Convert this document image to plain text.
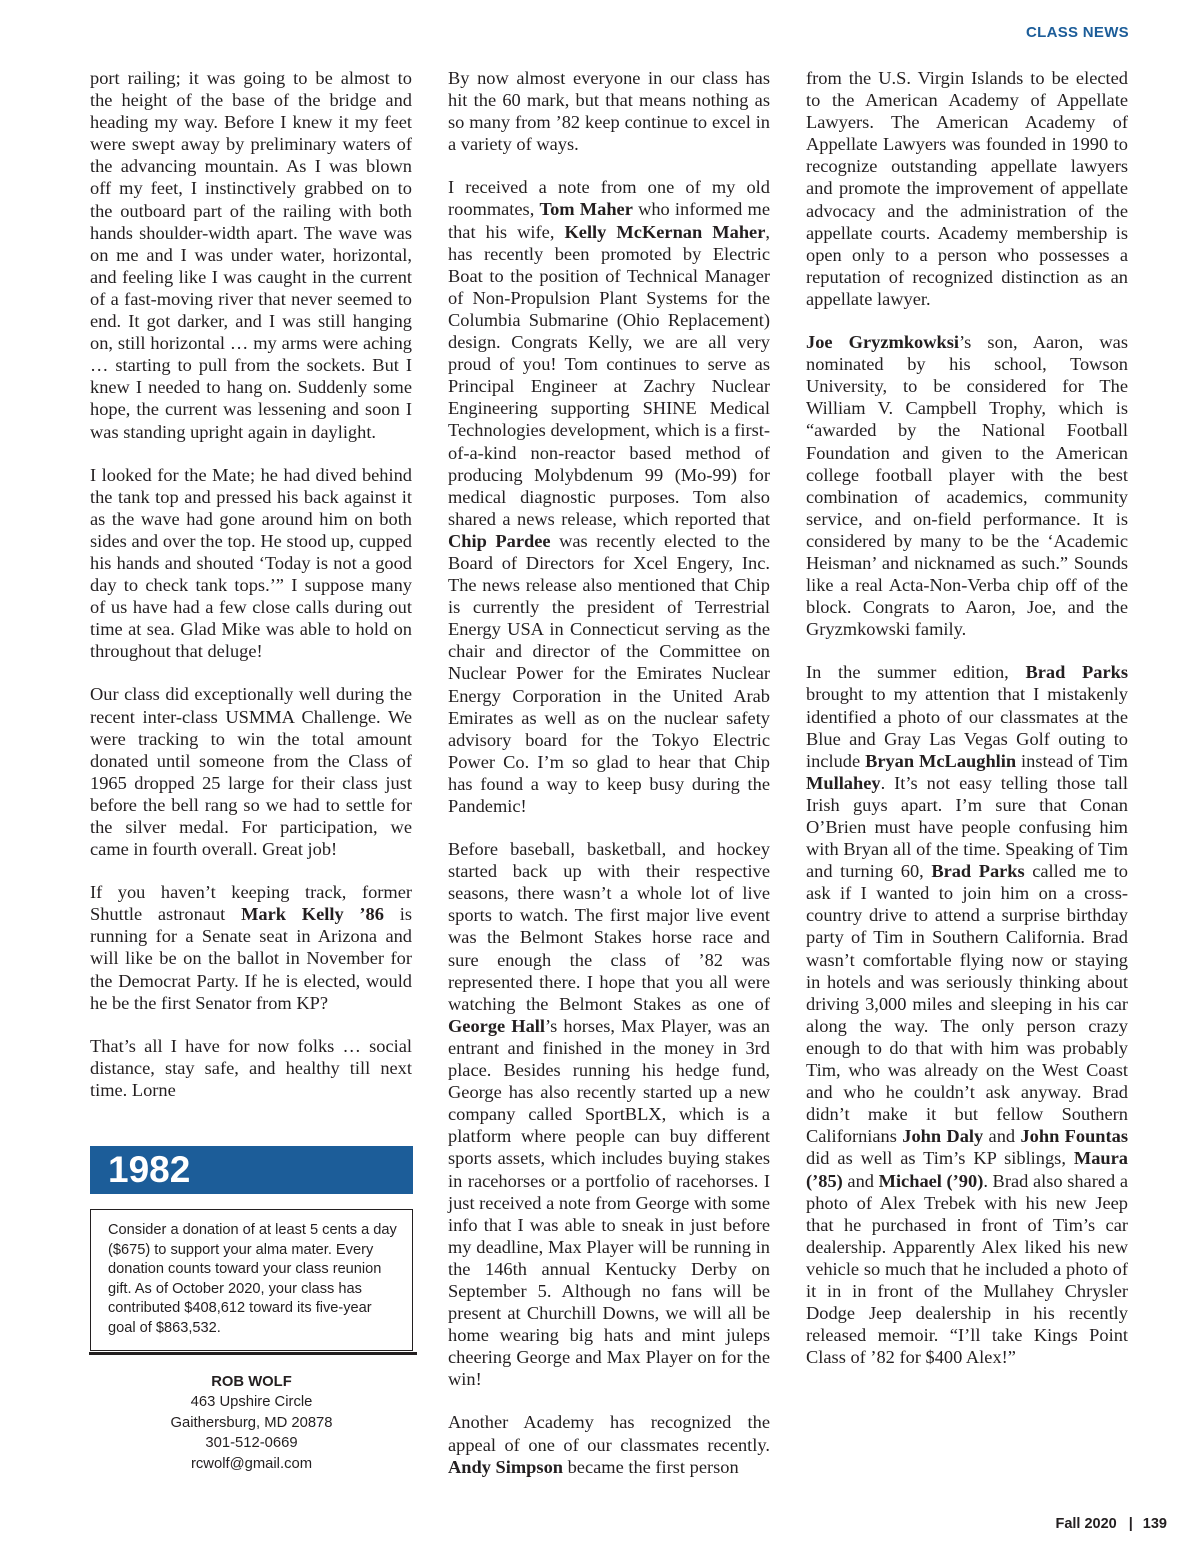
CLASS NEWS

port railing; it was going to be almost to the height of the base of the bridge and heading my way. Before I knew it my feet were swept away by preliminary waters of the advancing mountain. As I was blown off my feet, I instinctively grabbed on to the outboard part of the railing with both hands shoulder-width apart. The wave was on me and I was under water, horizontal, and feeling like I was caught in the current of a fast-moving river that never seemed to end. It got darker, and I was still hanging on, still horizontal … my arms were aching … starting to pull from the sockets. But I knew I needed to hang on. Suddenly some hope, the current was lessening and soon I was standing upright again in daylight.

I looked for the Mate; he had dived behind the tank top and pressed his back against it as the wave had gone around him on both sides and over the top. He stood up, cupped his hands and shouted ‘Today is not a good day to check tank tops.’” I suppose many of us have had a few close calls during out time at sea. Glad Mike was able to hold on throughout that deluge!

Our class did exceptionally well during the recent inter-class USMMA Challenge. We were tracking to win the total amount donated until someone from the Class of 1965 dropped 25 large for their class just before the bell rang so we had to settle for the silver medal. For participation, we came in fourth overall. Great job!

If you haven’t keeping track, former Shuttle astronaut Mark Kelly ’86 is running for a Senate seat in Arizona and will like be on the ballot in November for the Democrat Party. If he is elected, would he be the first Senator from KP?

That’s all I have for now folks … social distance, stay safe, and healthy till next time. Lorne

1982
Consider a donation of at least 5 cents a day ($675) to support your alma mater. Every donation counts toward your class reunion gift. As of October 2020, your class has contributed $408,612 toward its five-year goal of $863,532.
ROB WOLF
463 Upshire Circle
Gaithersburg, MD 20878
301-512-0669
rcwolf@gmail.com

By now almost everyone in our class has hit the 60 mark, but that means nothing as so many from ’82 keep continue to excel in a variety of ways.

I received a note from one of my old roommates, Tom Maher who informed me that his wife, Kelly McKernan Maher, has recently been promoted by Electric Boat to the position of Technical Manager of Non-Propulsion Plant Systems for the Columbia Submarine (Ohio Replacement) design. Congrats Kelly, we are all very proud of you! Tom continues to serve as Principal Engineer at Zachry Nuclear Engineering supporting SHINE Medical Technologies development, which is a first-of-a-kind non-reactor based method of producing Molybdenum 99 (Mo-99) for medical diagnostic purposes. Tom also shared a news release, which reported that Chip Pardee was recently elected to the Board of Directors for Xcel Engery, Inc. The news release also mentioned that Chip is currently the president of Terrestrial Energy USA in Connecticut serving as the chair and director of the Committee on Nuclear Power for the Emirates Nuclear Energy Corporation in the United Arab Emirates as well as on the nuclear safety advisory board for the Tokyo Electric Power Co. I’m so glad to hear that Chip has found a way to keep busy during the Pandemic!

Before baseball, basketball, and hockey started back up with their respective seasons, there wasn’t a whole lot of live sports to watch. The first major live event was the Belmont Stakes horse race and sure enough the class of ’82 was represented there. I hope that you all were watching the Belmont Stakes as one of George Hall’s horses, Max Player, was an entrant and finished in the money in 3rd place. Besides running his hedge fund, George has also recently started up a new company called SportBLX, which is a platform where people can buy different sports assets, which includes buying stakes in racehorses or a portfolio of racehorses. I just received a note from George with some info that I was able to sneak in just before my deadline, Max Player will be running in the 146th annual Kentucky Derby on September 5. Although no fans will be present at Churchill Downs, we will all be home wearing big hats and mint juleps cheering George and Max Player on for the win!

Another Academy has recognized the appeal of one of our classmates recently. Andy Simpson became the first person

from the U.S. Virgin Islands to be elected to the American Academy of Appellate Lawyers. The American Academy of Appellate Lawyers was founded in 1990 to recognize outstanding appellate lawyers and promote the improvement of appellate advocacy and the administration of the appellate courts. Academy membership is open only to a person who possesses a reputation of recognized distinction as an appellate lawyer.

Joe Gryzmkowksi’s son, Aaron, was nominated by his school, Towson University, to be considered for The William V. Campbell Trophy, which is “awarded by the National Football Foundation and given to the American college football player with the best combination of academics, community service, and on-field performance. It is considered by many to be the ‘Academic Heisman’ and nicknamed as such.” Sounds like a real Acta-Non-Verba chip off of the block. Congrats to Aaron, Joe, and the Gryzmkowski family.

In the summer edition, Brad Parks brought to my attention that I mistakenly identified a photo of our classmates at the Blue and Gray Las Vegas Golf outing to include Bryan McLaughlin instead of Tim Mullahey. It’s not easy telling those tall Irish guys apart. I’m sure that Conan O’Brien must have people confusing him with Bryan all of the time. Speaking of Tim and turning 60, Brad Parks called me to ask if I wanted to join him on a cross-country drive to attend a surprise birthday party of Tim in Southern California. Brad wasn’t comfortable flying now or staying in hotels and was seriously thinking about driving 3,000 miles and sleeping in his car along the way. The only person crazy enough to do that with him was probably Tim, who was already on the West Coast and who he couldn’t ask anyway. Brad didn’t make it but fellow Southern Californians John Daly and John Fountas did as well as Tim’s KP siblings, Maura (’85) and Michael (’90). Brad also shared a photo of Alex Trebek with his new Jeep that he purchased in front of Tim’s car dealership. Apparently Alex liked his new vehicle so much that he included a photo of it in in front of the Mullahey Chrysler Dodge Jeep dealership in his recently released memoir. “I’ll take Kings Point Class of ’82 for $400 Alex!”

Fall 2020 | 139
